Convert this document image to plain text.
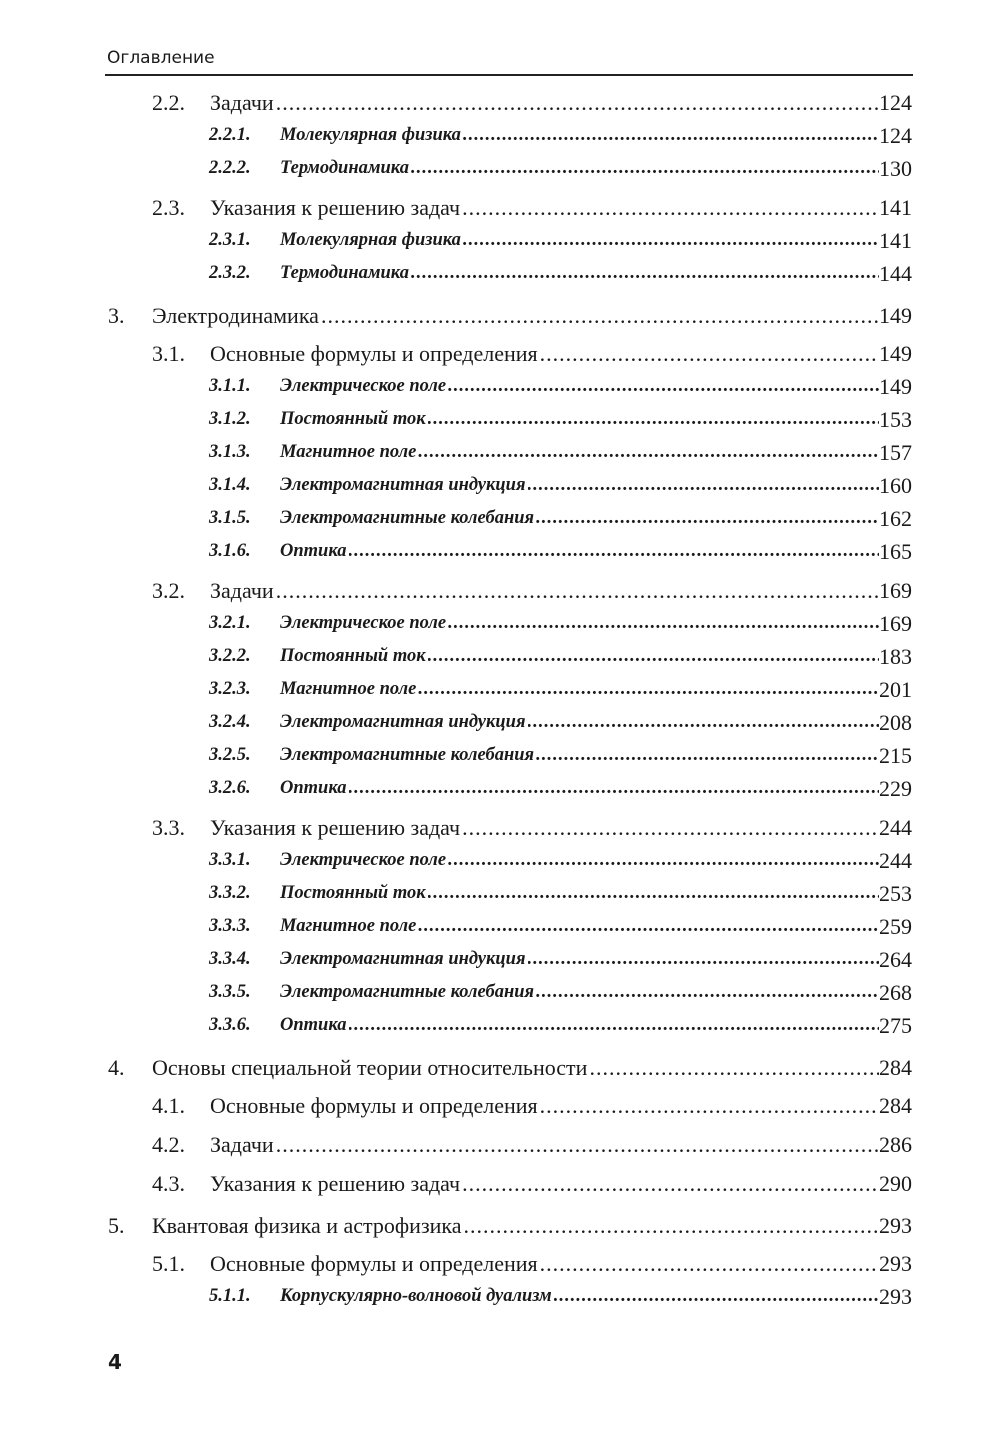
Оглавление
2.2. Задачи .....	124
2.2.1. Молекулярная физика .....	124
2.2.2. Термодинамика .....	130
2.3. Указания к решению задач .....	141
2.3.1. Молекулярная физика .....	141
2.3.2. Термодинамика .....	144
3. Электродинамика .....	149
3.1. Основные формулы и определения .....	149
3.1.1. Электрическое поле .....	149
3.1.2. Постоянный ток .....	153
3.1.3. Магнитное поле .....	157
3.1.4. Электромагнитная индукция .....	160
3.1.5. Электромагнитные колебания .....	162
3.1.6. Оптика .....	165
3.2. Задачи .....	169
3.2.1. Электрическое поле .....	169
3.2.2. Постоянный ток .....	183
3.2.3. Магнитное поле .....	201
3.2.4. Электромагнитная индукция .....	208
3.2.5. Электромагнитные колебания .....	215
3.2.6. Оптика .....	229
3.3. Указания к решению задач .....	244
3.3.1. Электрическое поле .....	244
3.3.2. Постоянный ток .....	253
3.3.3. Магнитное поле .....	259
3.3.4. Электромагнитная индукция .....	264
3.3.5. Электромагнитные колебания .....	268
3.3.6. Оптика .....	275
4. Основы специальной теории относительности .....	284
4.1. Основные формулы и определения .....	284
4.2. Задачи .....	286
4.3. Указания к решению задач .....	290
5. Квантовая физика и астрофизика .....	293
5.1. Основные формулы и определения .....	293
5.1.1. Корпускулярно-волновой дуализм .....	293
4
